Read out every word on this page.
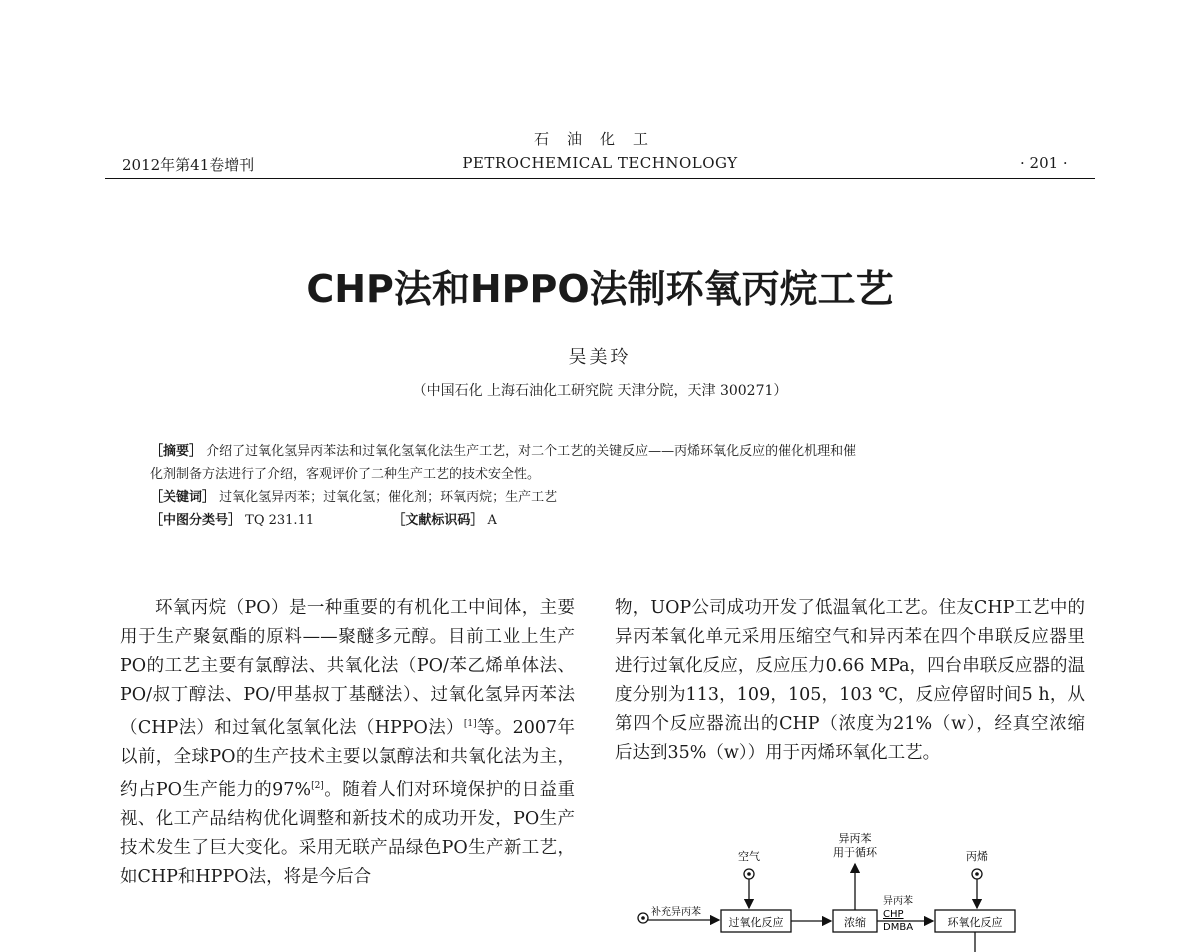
石油化工
2012年第41卷增刊	PETROCHEMICAL TECHNOLOGY	· 201 ·
CHP法和HPPO法制环氧丙烷工艺
吴美玲
（中国石化 上海石油化工研究院 天津分院，天津 300271）
［摘要］ 介绍了过氧化氢异丙苯法和过氧化氢氧化法生产工艺，对二个工艺的关键反应——丙烯环氧化反应的催化机理和催
化剂制备方法进行了介绍，客观评价了二种生产工艺的技术安全性。
［关键词］ 过氧化氢异丙苯；过氧化氢；催化剂；环氧丙烷；生产工艺
［中图分类号］ TQ 231.11	［文献标识码］ A
环氧丙烷（PO）是一种重要的有机化工中间体，主要用于生产聚氨酯的原料——聚醚多元醇。目前工业上生产PO的工艺主要有氯醇法、共氧化法（PO/苯乙烯单体法、PO/叔丁醇法、PO/甲基叔丁基醚法）、过氧化氢异丙苯法（CHP法）和过氧化氢氧化法（HPPO法）[1]等。2007年以前，全球PO的生产技术主要以氯醇法和共氧化法为主，约占PO生产能力的97%[2]。随着人们对环境保护的日益重视、化工产品结构优化调整和新技术的成功开发，PO生产技术发生了巨大变化。采用无联产品绿色PO生产新工艺，如CHP和HPPO法，将是今后合
物，UOP公司成功开发了低温氧化工艺。住友CHP工艺中的异丙苯氧化单元采用压缩空气和异丙苯在四个串联反应器里进行过氧化反应，反应压力0.66 MPa，四台串联反应器的温度分别为113，109，105，103 ℃，反应停留时间5 h，从第四个反应器流出的CHP（浓度为21%（w），经真空浓缩后达到35%（w））用于丙烯环氧化工艺。
空气
异丙苯
用于循环	丙烯
补充异丙苯
过氧化反应	浓缩
异丙苯
CHP
DMBA	环氧化反应
